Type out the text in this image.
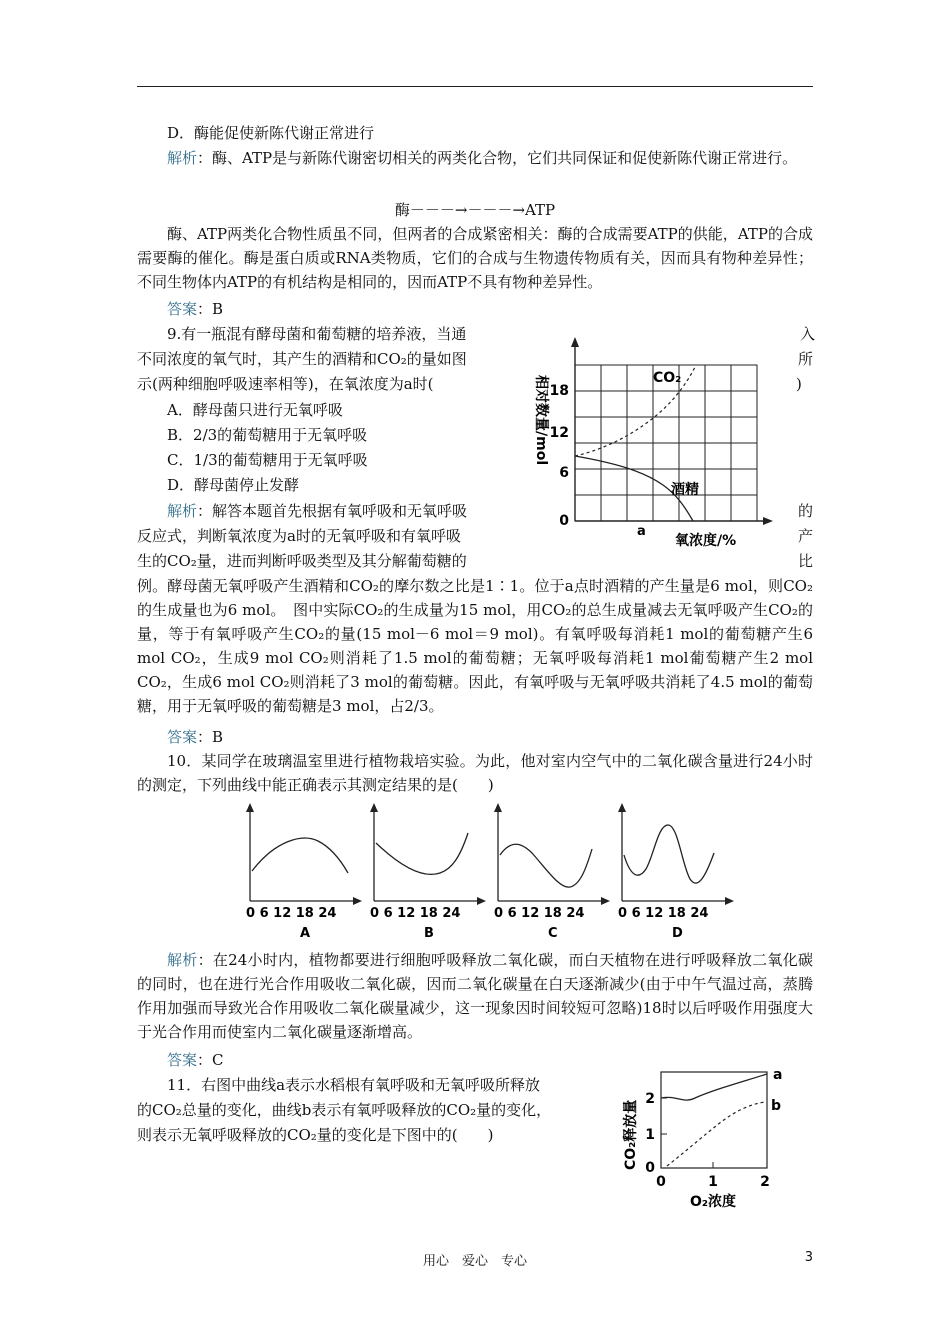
D．酶能促使新陈代谢正常进行
解析：酶、ATP是与新陈代谢密切相关的两类化合物，它们共同保证和促使新陈代谢正常进行。
酶－－－→－－－→ATP
酶、ATP两类化合物性质虽不同，但两者的合成紧密相关：酶的合成需要ATP的供能，ATP的合成需要酶的催化。酶是蛋白质或RNA类物质，它们的合成与生物遗传物质有关，因而具有物种差异性；不同生物体内ATP的有机结构是相同的，因而ATP不具有物种差异性。
答案：B
9.有一瓶混有酵母菌和葡萄糖的培养液，当通	入
不同浓度的氧气时，其产生的酒精和CO₂的量如图	所
示(两种细胞呼吸速率相等)，在氧浓度为a时(	)
A．酵母菌只进行无氧呼吸
B．2/3的葡萄糖用于无氧呼吸
C．1/3的葡萄糖用于无氧呼吸
D．酵母菌停止发酵
解析：解答本题首先根据有氧呼吸和无氧呼吸	的
反应式，判断氧浓度为a时的无氧呼吸和有氧呼吸	产
生的CO₂量，进而判断呼吸类型及其分解葡萄糖的	比
例。酵母菌无氧呼吸产生酒精和CO₂的摩尔数之比是1∶1。位于a点时酒精的产生量是6 mol，则CO₂的生成量也为6 mol。　图中实际CO₂的生成量为15 mol，用CO₂的总生成量减去无氧呼吸产生CO₂的量，等于有氧呼吸产生CO₂的量(15 mol－6 mol＝9 mol)。有氧呼吸每消耗1 mol的葡萄糖产生6 mol CO₂，生成9 mol CO₂则消耗了1.5 mol的葡萄糖；无氧呼吸每消耗1 mol葡萄糖产生2 mol CO₂，生成6 mol CO₂则消耗了3 mol的葡萄糖。因此，有氧呼吸与无氧呼吸共消耗了4.5 mol的葡萄糖，用于无氧呼吸的葡萄糖是3 mol，占2/3。
答案：B
0
6
12
18
a
氧浓度/%
CO₂
酒精
相对数量/mol
10．某同学在玻璃温室里进行植物栽培实验。为此，他对室内空气中的二氧化碳含量进行24小时的测定，下列曲线中能正确表示其测定结果的是(　　)
0 6 12 18 24
A
0 6 12 18 24
B
0 6 12 18 24
C
0 6 12 18 24
D
解析：在24小时内，植物都要进行细胞呼吸释放二氧化碳，而白天植物在进行呼吸释放二氧化碳的同时，也在进行光合作用吸收二氧化碳，因而二氧化碳量在白天逐渐减少(由于中午气温过高，蒸腾作用加强而导致光合作用吸收二氧化碳量减少，这一现象因时间较短可忽略)18时以后呼吸作用强度大于光合作用而使室内二氧化碳量逐渐增高。
答案：C
11．右图中曲线a表示水稻根有氧呼吸和无氧呼吸所释放
的CO₂总量的变化，曲线b表示有氧呼吸释放的CO₂量的变化，
则表示无氧呼吸释放的CO₂量的变化是下图中的(　　)
a
b
2
1
0
0	1	2
O₂浓度
CO₂释放量
用心　爱心　专心	3
